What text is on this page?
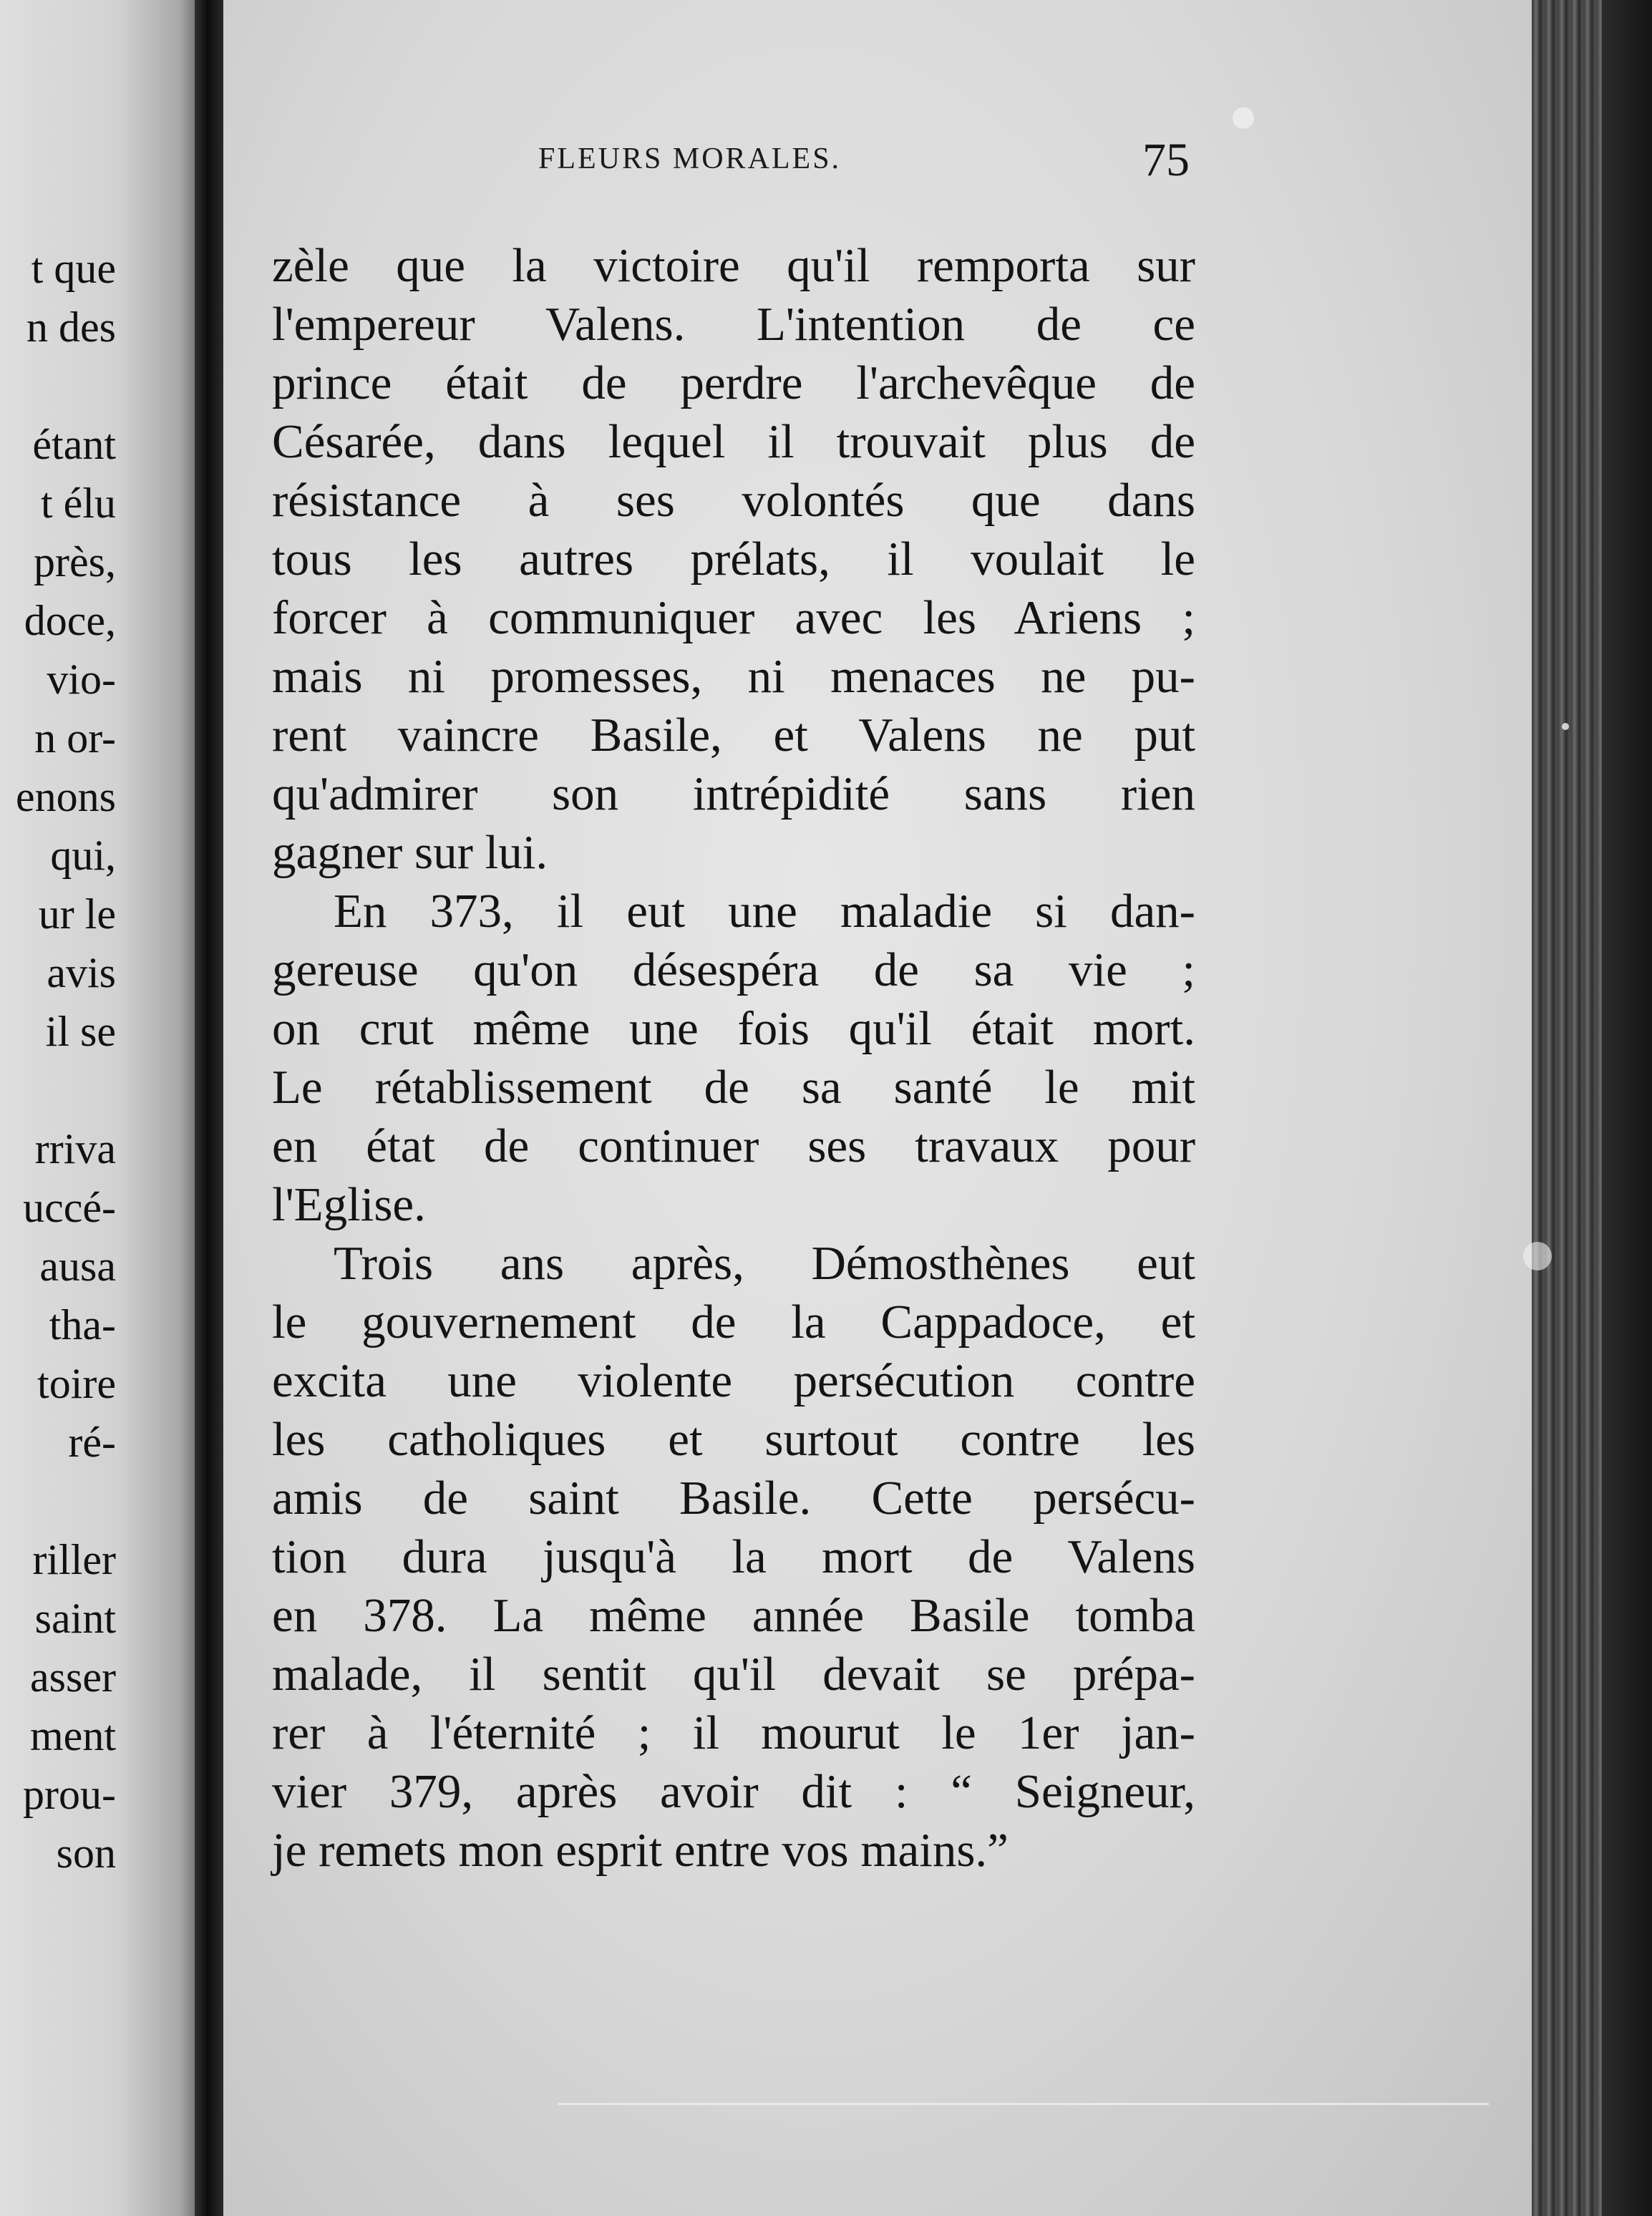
t que
n des
étant
t élu
près,
doce,
vio-
n or-
enons
qui,
ur le
avis
il se
rriva
uccé-
ausa
tha-
toire
ré-
riller
saint
asser
ment
prou-
son
FLEURS MORALES.	75
zèle que la victoire qu'il remporta sur
l'empereur Valens. L'intention de ce
prince était de perdre l'archevêque de
Césarée, dans lequel il trouvait plus de
résistance à ses volontés que dans
tous les autres prélats, il voulait le
forcer à communiquer avec les Ariens ;
mais ni promesses, ni menaces ne pu-
rent vaincre Basile, et Valens ne put
qu'admirer son intrépidité sans rien
gagner sur lui.
En 373, il eut une maladie si dan-
gereuse qu'on désespéra de sa vie ;
on crut même une fois qu'il était mort.
Le rétablissement de sa santé le mit
en état de continuer ses travaux pour
l'Eglise.
Trois ans après, Démosthènes eut
le gouvernement de la Cappadoce, et
excita une violente persécution contre
les catholiques et surtout contre les
amis de saint Basile. Cette persécu-
tion dura jusqu'à la mort de Valens
en 378. La même année Basile tomba
malade, il sentit qu'il devait se prépa-
rer à l'éternité ; il mourut le 1er jan-
vier 379, après avoir dit : “ Seigneur,
je remets mon esprit entre vos mains.”
